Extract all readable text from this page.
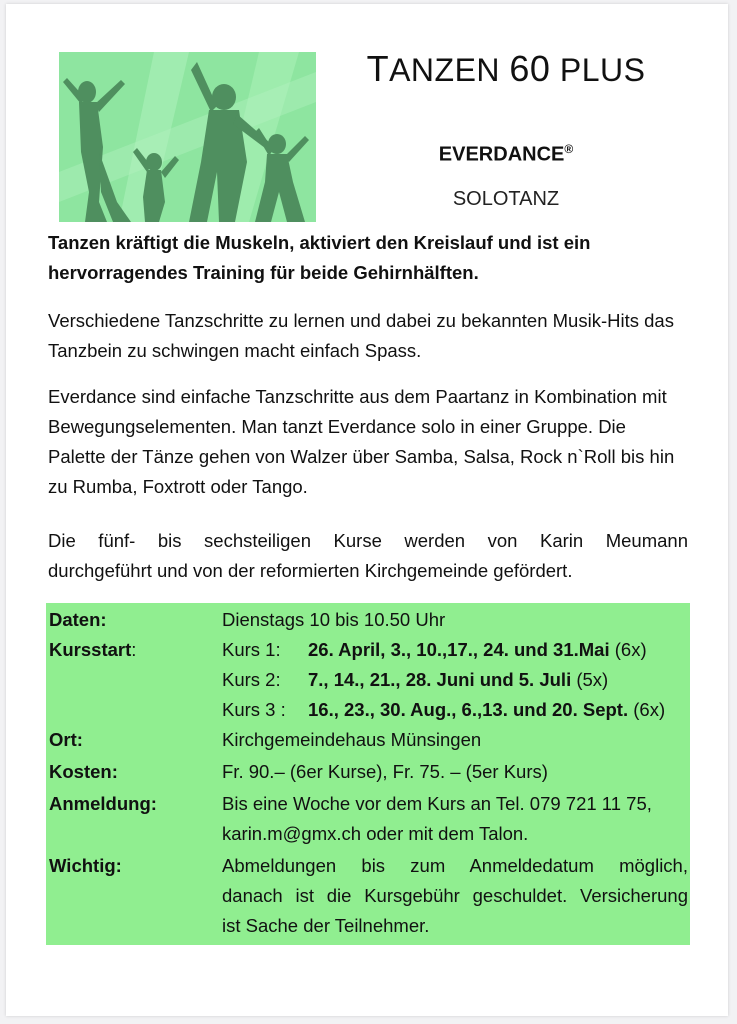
TANZEN 60 PLUS
EVERDANCE®
SOLOTANZ
Tanzen kräftigt die Muskeln, aktiviert den Kreislauf und ist ein hervorragendes Training für beide Gehirnhälften.
Verschiedene Tanzschritte zu lernen und dabei zu bekannten Musik-Hits das Tanzbein zu schwingen macht einfach Spass.
Everdance sind einfache Tanzschritte aus dem Paartanz in Kombination mit Bewegungselementen. Man tanzt Everdance solo in einer Gruppe. Die Palette der Tänze gehen von Walzer über Samba, Salsa, Rock n`Roll bis hin zu Rumba, Foxtrott oder Tango.
Die fünf- bis sechsteiligen Kurse werden von Karin Meumann
durchgeführt und von der reformierten Kirchgemeinde gefördert.
Daten:	Dienstags 10 bis 10.50 Uhr
Kursstart:	Kurs 1: 26. April, 3., 10.,17., 24. und 31.Mai (6x)
Kurs 2: 7., 14., 21., 28. Juni und 5. Juli (5x)
Kurs 3 : 16., 23., 30. Aug., 6.,13. und 20. Sept. (6x)
Ort:	Kirchgemeindehaus Münsingen
Kosten:	Fr. 90.– (6er Kurse), Fr. 75. – (5er Kurs)
Anmeldung:	Bis eine Woche vor dem Kurs an Tel. 079 721 11 75,
karin.m@gmx.ch oder mit dem Talon.
Wichtig:	Abmeldungen bis zum Anmeldedatum möglich,
danach ist die Kursgebühr geschuldet. Versicherung
ist Sache der Teilnehmer.
